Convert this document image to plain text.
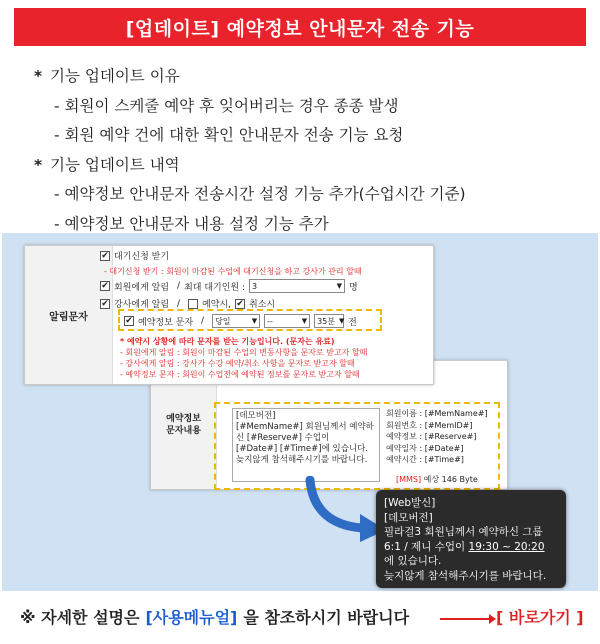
[업데이트] 예약정보 안내문자 전송 기능
* 기능 업데이트 이유
- 회원이 스케줄 예약 후 잊어버리는 경우 종종 발생
- 회원 예약 건에 대한 확인 안내문자 전송 기능 요청
* 기능 업데이트 내역
- 예약정보 안내문자 전송시간 설정 기능 추가(수업시간 기준)
- 예약정보 안내문자 내용 설정 기능 추가
예약정보
문자내용
[데모버전]
[#MemName#] 회원님께서 예약하
신 [#Reserve#] 수업이
[#Date#] [#Time#]에 있습니다.
늦지않게 참석해주시기를 바랍니다.
회원이름 : [#MemName#]
회원번호 : [#MemID#]
예약정보 : [#Reserve#]
예약일자 : [#Date#]
예약시간 : [#Time#]
[MMS] 예상 146 Byte
알림문자
✔ 대기신청 받기
- 대기신청 받기 : 회원이 마감된 수업에 대기신청을 하고 강사가 관리 할때
✔ 회원에게 알림 / 최대 대기인원 : 3	▼ 명
✔ 강사에게 알림 / 예약시, ✔ 취소시
✔ 예약정보 문자 / 당일	▼ --	▼ 35분 ▼ 전
* 예약시 상황에 따라 문자를 받는 기능입니다. (문자는 유료)
- 회원에게 알림 : 회원이 마감된 수업의 변동사항을 문자로 받고자 할때
- 강사에게 알림 : 강사가 수강 예약/취소 사항을 문자로 받고자 할때
- 예약정보 문자 : 회원이 수업전에 예약된 정보를 문자로 받고자 할때
[Web발신]
[데모버전]
필라걸3 회원님께서 예약하신 그룹
6:1 / 제니 수업이 19:30 ~ 20:20
에 있습니다.
늦지않게 참석해주시기를 바랍니다.
※ 자세한 설명은 [사용메뉴얼] 을 참조하시기 바랍니다	[ 바로가기 ]
